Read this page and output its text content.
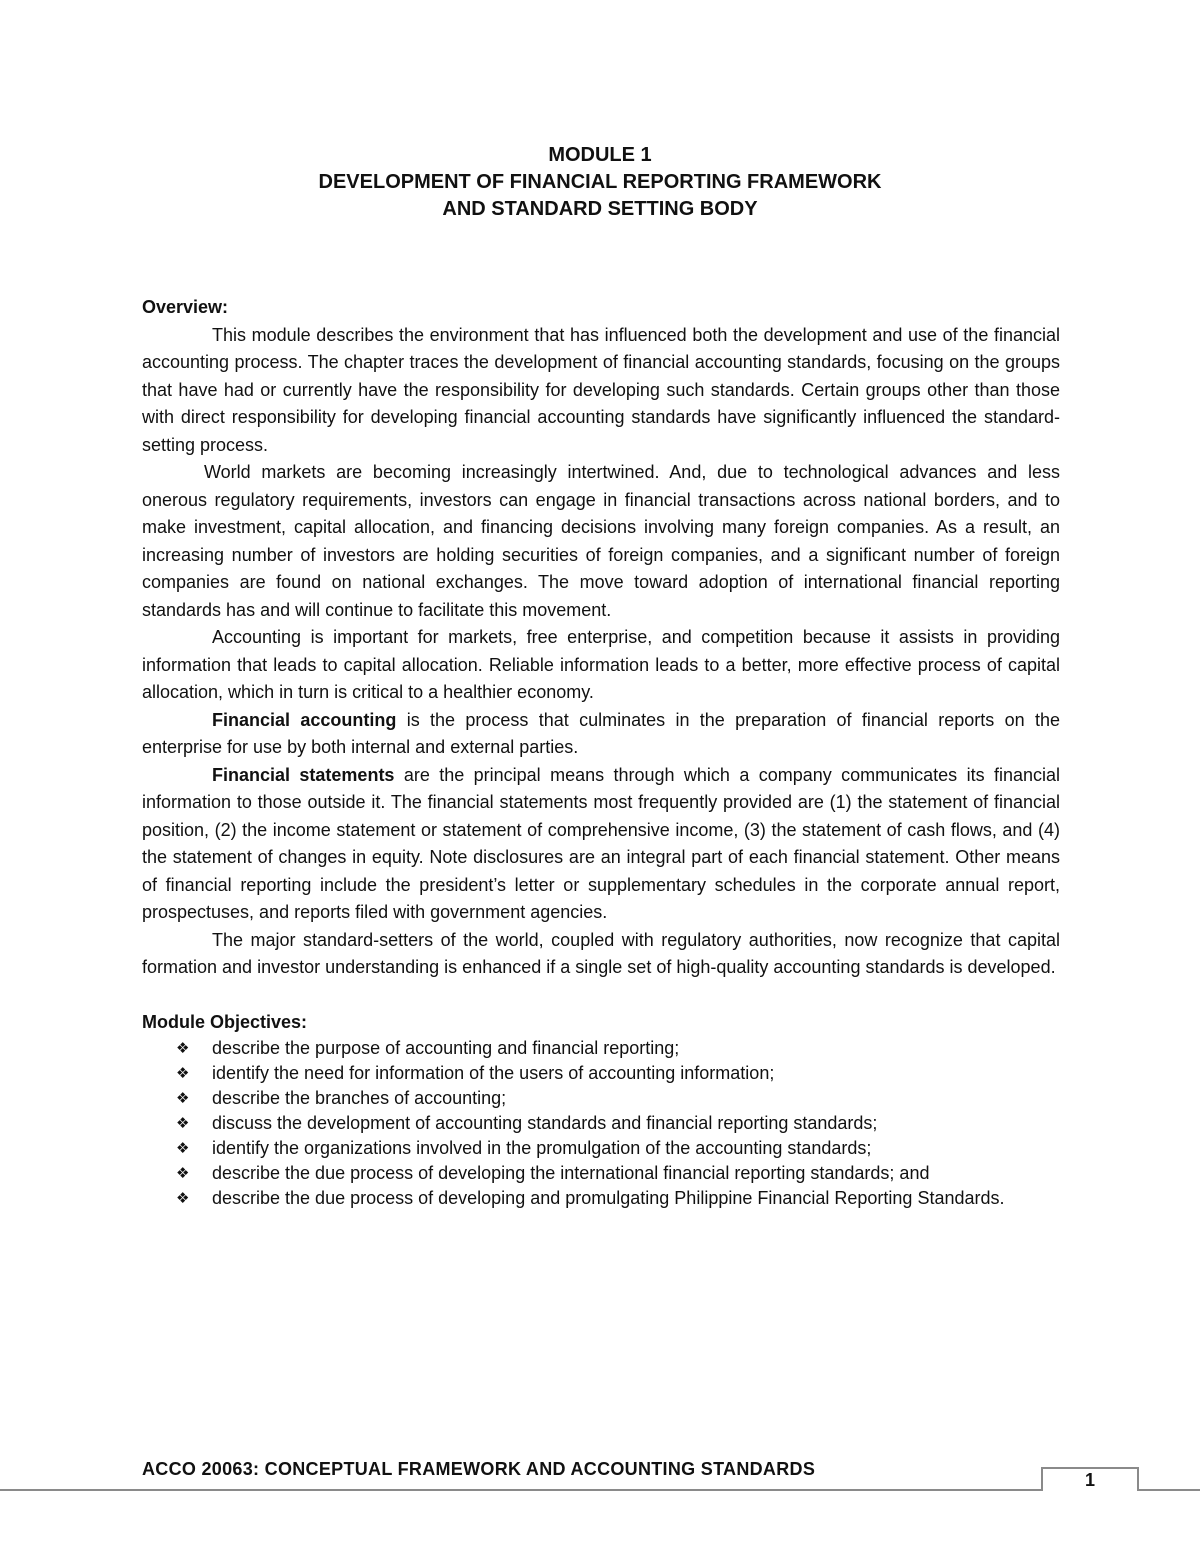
MODULE 1
DEVELOPMENT OF FINANCIAL REPORTING FRAMEWORK
AND STANDARD SETTING BODY

Overview:

This module describes the environment that has influenced both the development and use of the financial accounting process. The chapter traces the development of financial accounting standards, focusing on the groups that have had or currently have the responsibility for developing such standards. Certain groups other than those with direct responsibility for developing financial accounting standards have significantly influenced the standard-setting process.

World markets are becoming increasingly intertwined. And, due to technological advances and less onerous regulatory requirements, investors can engage in financial transactions across national borders, and to make investment, capital allocation, and financing decisions involving many foreign companies. As a result, an increasing number of investors are holding securities of foreign companies, and a significant number of foreign companies are found on national exchanges. The move toward adoption of international financial reporting standards has and will continue to facilitate this movement.

Accounting is important for markets, free enterprise, and competition because it assists in providing information that leads to capital allocation. Reliable information leads to a better, more effective process of capital allocation, which in turn is critical to a healthier economy.

Financial accounting is the process that culminates in the preparation of financial reports on the enterprise for use by both internal and external parties.

Financial statements are the principal means through which a company communicates its financial information to those outside it. The financial statements most frequently provided are (1) the statement of financial position, (2) the income statement or statement of comprehensive income, (3) the statement of cash flows, and (4) the statement of changes in equity. Note disclosures are an integral part of each financial statement. Other means of financial reporting include the president’s letter or supplementary schedules in the corporate annual report, prospectuses, and reports filed with government agencies.

The major standard-setters of the world, coupled with regulatory authorities, now recognize that capital formation and investor understanding is enhanced if a single set of high-quality accounting standards is developed.

Module Objectives:

❖ describe the purpose of accounting and financial reporting;
❖ identify the need for information of the users of accounting information;
❖ describe the branches of accounting;
❖ discuss the development of accounting standards and financial reporting standards;
❖ identify the organizations involved in the promulgation of the accounting standards;
❖ describe the due process of developing the international financial reporting standards; and
❖ describe the due process of developing and promulgating Philippine Financial Reporting Standards.
ACCO 20063: CONCEPTUAL FRAMEWORK AND ACCOUNTING STANDARDS
1
